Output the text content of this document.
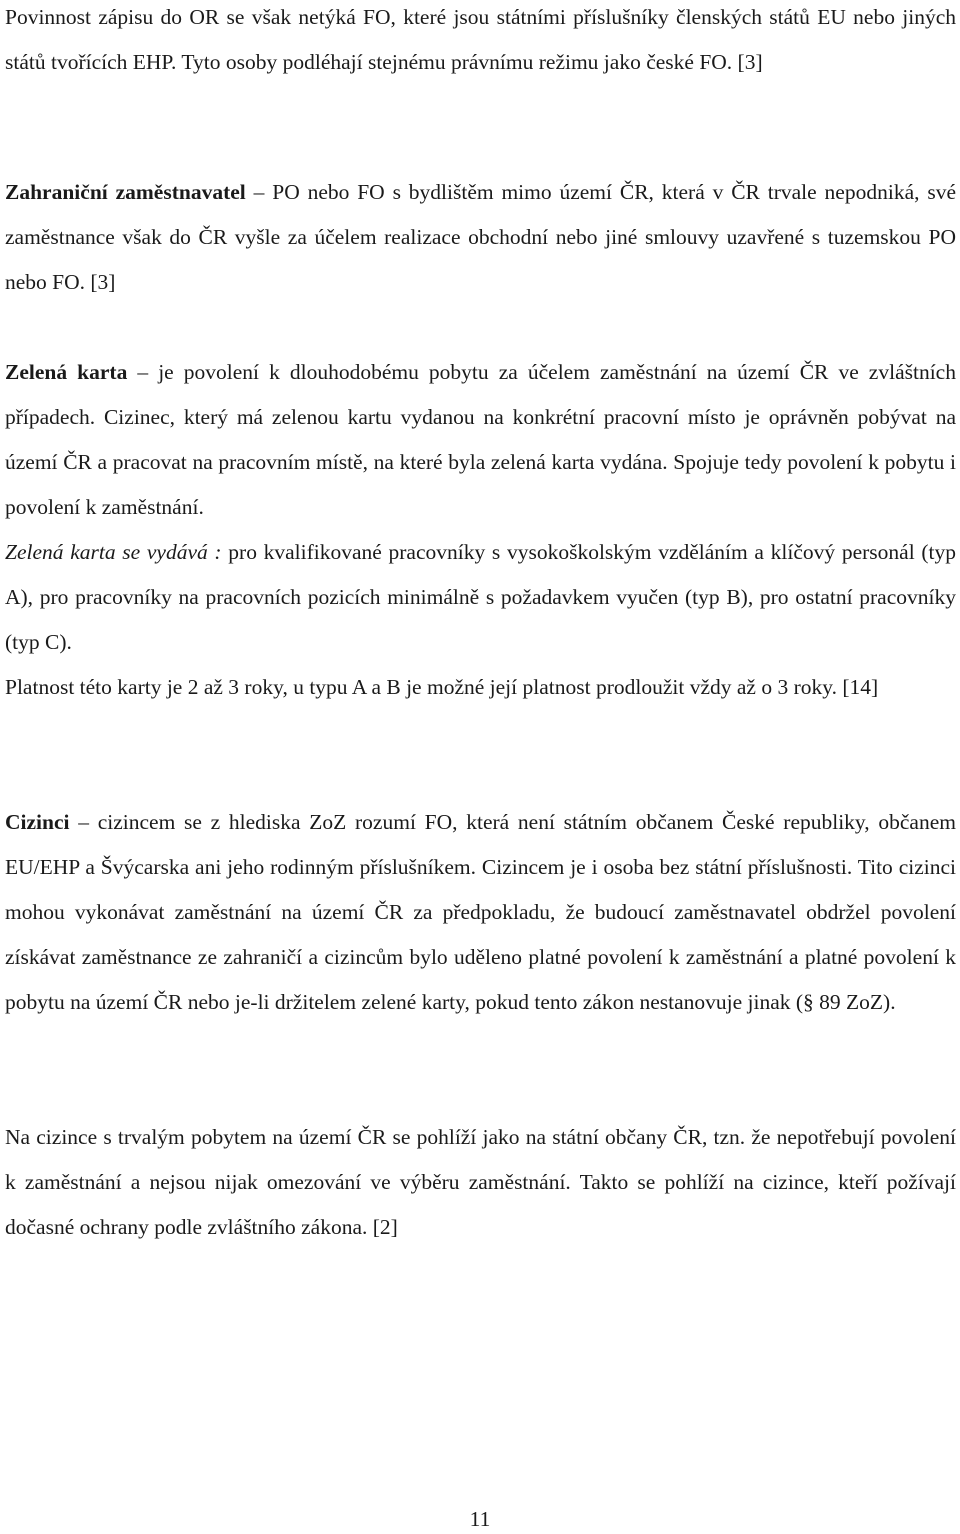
Povinnost zápisu do OR se však netýká FO, které jsou státními příslušníky členských států EU nebo jiných států tvořících EHP. Tyto osoby podléhají stejnému právnímu režimu jako české FO. [3]

Zahraniční zaměstnavatel – PO nebo FO s bydlištěm mimo území ČR, která v ČR trvale nepodniká, své zaměstnance však do ČR vyšle za účelem realizace obchodní nebo jiné smlouvy uzavřené s tuzemskou PO nebo FO. [3]

Zelená karta – je povolení k dlouhodobému pobytu za účelem zaměstnání na území ČR ve zvláštních případech. Cizinec, který má zelenou kartu vydanou na konkrétní pracovní místo je oprávněn pobývat na území ČR a pracovat na pracovním místě, na které byla zelená karta vydána. Spojuje tedy povolení k pobytu i povolení k zaměstnání.

Zelená karta se vydává : pro kvalifikované pracovníky s vysokoškolským vzděláním a klíčový personál (typ A), pro pracovníky na pracovních pozicích minimálně s požadavkem vyučen (typ B), pro ostatní pracovníky (typ C).

Platnost této karty je 2 až 3 roky, u typu A a B je možné její platnost prodloužit vždy až o 3 roky. [14]

Cizinci – cizincem se z hlediska ZoZ rozumí FO, která není státním občanem České republiky, občanem EU/EHP a Švýcarska ani jeho rodinným příslušníkem. Cizincem je i osoba bez státní příslušnosti. Tito cizinci mohou vykonávat zaměstnání na území ČR za předpokladu, že budoucí zaměstnavatel obdržel povolení získávat zaměstnance ze zahraničí a cizincům bylo uděleno platné povolení k zaměstnání a platné povolení k pobytu na území ČR nebo je-li držitelem zelené karty, pokud tento zákon nestanovuje jinak (§ 89 ZoZ).

Na cizince s trvalým pobytem na území ČR se pohlíží jako na státní občany ČR, tzn. že nepotřebují povolení k zaměstnání a nejsou nijak omezování ve výběru zaměstnání. Takto se pohlíží na cizince, kteří požívají dočasné ochrany podle zvláštního zákona. [2]

11
